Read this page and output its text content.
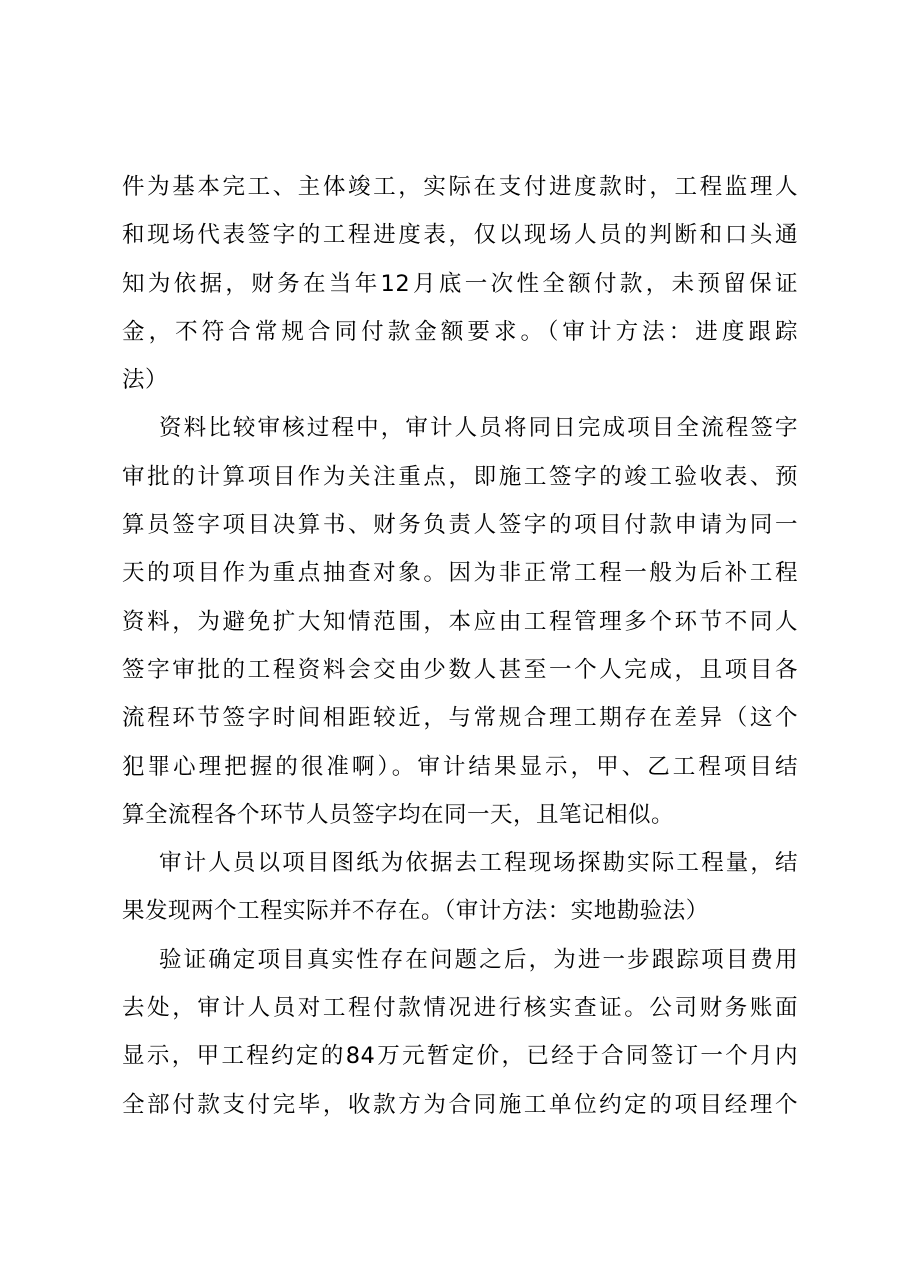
件为基本完工、主体竣工，实际在支付进度款时，工程监理人
和现场代表签字的工程进度表，仅以现场人员的判断和口头通
知为依据，财务在当年12月底一次性全额付款，未预留保证
金，不符合常规合同付款金额要求。（审计方法：进度跟踪
法）
资料比较审核过程中，审计人员将同日完成项目全流程签字
审批的计算项目作为关注重点，即施工签字的竣工验收表、预
算员签字项目决算书、财务负责人签字的项目付款申请为同一
天的项目作为重点抽查对象。因为非正常工程一般为后补工程
资料，为避免扩大知情范围，本应由工程管理多个环节不同人
签字审批的工程资料会交由少数人甚至一个人完成，且项目各
流程环节签字时间相距较近，与常规合理工期存在差异（这个
犯罪心理把握的很准啊）。审计结果显示，甲、乙工程项目结
算全流程各个环节人员签字均在同一天，且笔记相似。
审计人员以项目图纸为依据去工程现场探勘实际工程量，结
果发现两个工程实际并不存在。（审计方法：实地勘验法）
验证确定项目真实性存在问题之后，为进一步跟踪项目费用
去处，审计人员对工程付款情况进行核实查证。公司财务账面
显示，甲工程约定的84万元暂定价，已经于合同签订一个月内
全部付款支付完毕，收款方为合同施工单位约定的项目经理个
